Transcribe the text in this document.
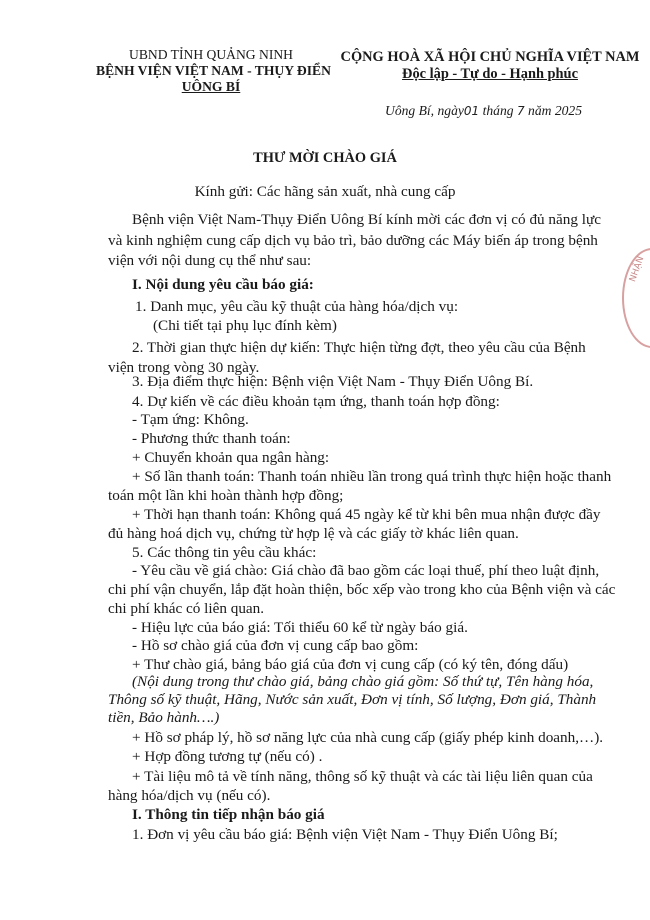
UBND TỈNH QUẢNG NINH
BỆNH VIỆN VIỆT NAM - THỤY ĐIỂN
UÔNG BÍ
CỘNG HOÀ XÃ HỘI CHỦ NGHĨA VIỆT NAM
Độc lập - Tự do - Hạnh phúc
Uông Bí, ngày01 tháng 7 năm 2025
THƯ MỜI CHÀO GIÁ
Kính gửi: Các hãng sản xuất, nhà cung cấp
Bệnh viện Việt Nam-Thụy Điển Uông Bí kính mời các đơn vị có đủ năng lực
và kinh nghiệm cung cấp dịch vụ bảo trì, bảo dưỡng các Máy biến áp trong bệnh
viện với nội dung cụ thể như sau:
I. Nội dung yêu cầu báo giá:
1. Danh mục, yêu cầu kỹ thuật của hàng hóa/dịch vụ:
(Chi tiết tại phụ lục đính kèm)
2. Thời gian thực hiện dự kiến: Thực hiện từng đợt, theo yêu cầu của Bệnh
viện trong vòng 30 ngày.
3. Địa điểm thực hiện: Bệnh viện Việt Nam - Thụy Điển Uông Bí.
4. Dự kiến về các điều khoản tạm ứng, thanh toán hợp đồng:
- Tạm ứng: Không.
- Phương thức thanh toán:
+ Chuyển khoản qua ngân hàng:
+ Số lần thanh toán: Thanh toán nhiều lần trong quá trình thực hiện hoặc thanh
toán một lần khi hoàn thành hợp đồng;
+ Thời hạn thanh toán: Không quá 45 ngày kể từ khi bên mua nhận được đầy
đủ hàng hoá dịch vụ, chứng từ hợp lệ và các giấy tờ khác liên quan.
5. Các thông tin yêu cầu khác:
- Yêu cầu về giá chào: Giá chào đã bao gồm các loại thuế, phí theo luật định,
chi phí vận chuyển, lắp đặt hoàn thiện, bốc xếp vào trong kho của Bệnh viện và các
chi phí khác có liên quan.
- Hiệu lực của báo giá: Tối thiểu 60 kể từ ngày báo giá.
- Hồ sơ chào giá của đơn vị cung cấp bao gồm:
+ Thư chào giá, bảng báo giá của đơn vị cung cấp (có ký tên, đóng dấu)
(Nội dung trong thư chào giá, bảng chào giá gồm: Số thứ tự, Tên hàng hóa,
Thông số kỹ thuật, Hãng, Nước sản xuất, Đơn vị tính, Số lượng, Đơn giá, Thành
tiền, Bảo hành….)
+ Hồ sơ pháp lý, hồ sơ năng lực của nhà cung cấp (giấy phép kinh doanh,…).
+ Hợp đồng tương tự (nếu có) .
+ Tài liệu mô tả về tính năng, thông số kỹ thuật và các tài liệu liên quan của
hàng hóa/dịch vụ (nếu có).
I. Thông tin tiếp nhận báo giá
1. Đơn vị yêu cầu báo giá: Bệnh viện Việt Nam - Thụy Điển Uông Bí;
NHẬN
